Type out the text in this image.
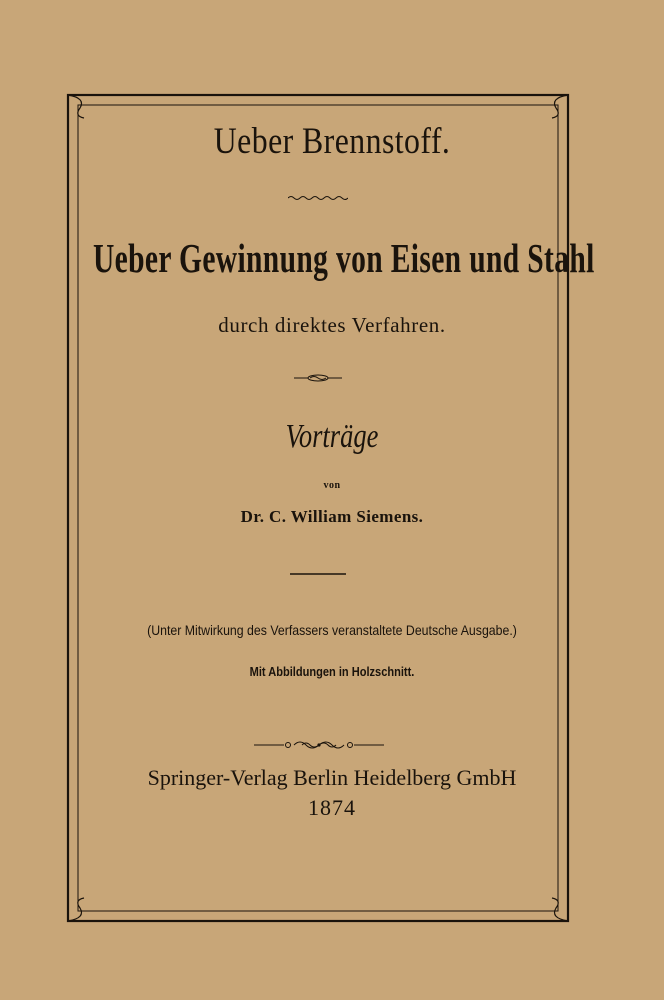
Ueber Brennstoff.
Ueber Gewinnung von Eisen und Stahl
durch direktes Verfahren.
Vorträge
von
Dr. C. William Siemens.
(Unter Mitwirkung des Verfassers veranstaltete Deutsche Ausgabe.)
Mit Abbildungen in Holzschnitt.
Springer-Verlag Berlin Heidelberg GmbH
1874
